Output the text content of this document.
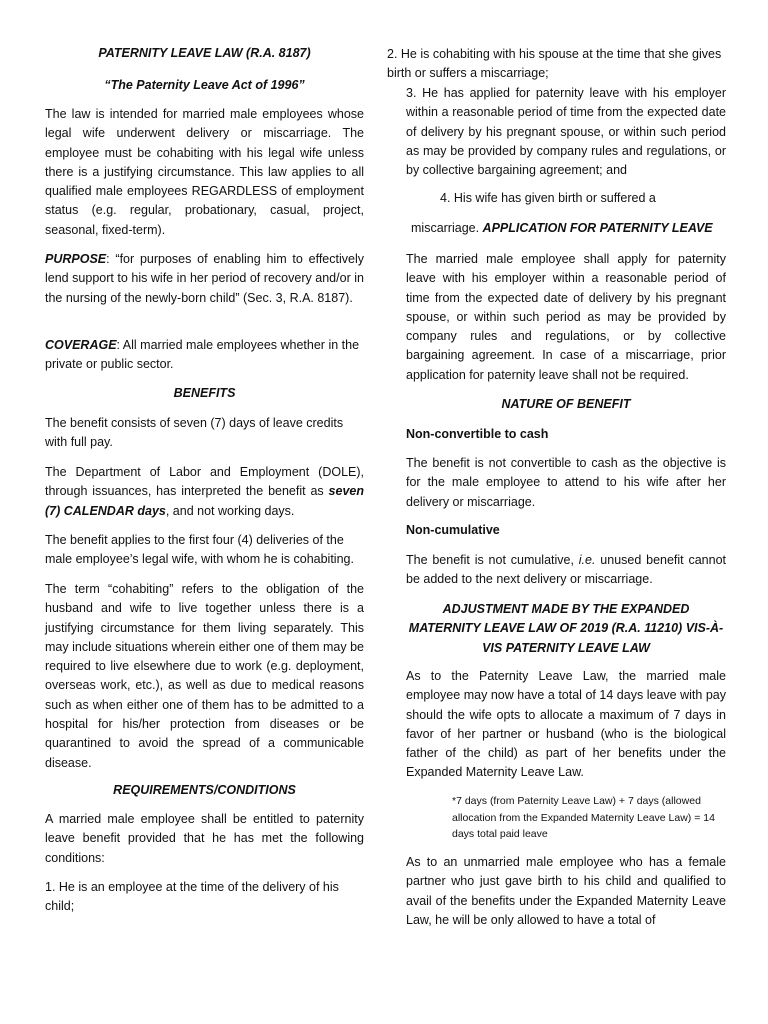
PATERNITY LEAVE LAW (R.A. 8187)

“The Paternity Leave Act of 1996”

The law is intended for married male employees whose legal wife underwent delivery or miscarriage. The employee must be cohabiting with his legal wife unless there is a justifying circumstance. This law applies to all qualified male employees REGARDLESS of employment status (e.g. regular, probationary, casual, project, seasonal, fixed-term).

PURPOSE: “for purposes of enabling him to effectively lend support to his wife in her period of recovery and/or in the nursing of the newly-born child” (Sec. 3, R.A. 8187).

COVERAGE: All married male employees whether in the private or public sector.

BENEFITS

The benefit consists of seven (7) days of leave credits with full pay.

The Department of Labor and Employment (DOLE), through issuances, has interpreted the benefit as seven (7) CALENDAR days, and not working days.

The benefit applies to the first four (4) deliveries of the male employee’s legal wife, with whom he is cohabiting.

The term “cohabiting” refers to the obligation of the husband and wife to live together unless there is a justifying circumstance for them living separately. This may include situations wherein either one of them may be required to live elsewhere due to work (e.g. deployment, overseas work, etc.), as well as due to medical reasons such as when either one of them has to be admitted to a hospital for his/her protection from diseases or be quarantined to avoid the spread of a communicable disease.

REQUIREMENTS/CONDITIONS

A married male employee shall be entitled to paternity leave benefit provided that he has met the following conditions:

1. He is an employee at the time of the delivery of his child;

2. He is cohabiting with his spouse at the time that she gives birth or suffers a miscarriage;

3. He has applied for paternity leave with his employer within a reasonable period of time from the expected date of delivery by his pregnant spouse, or within such period as may be provided by company rules and regulations, or by collective bargaining agreement; and

4. His wife has given birth or suffered a

miscarriage. APPLICATION FOR PATERNITY LEAVE

The married male employee shall apply for paternity leave with his employer within a reasonable period of time from the expected date of delivery by his pregnant spouse, or within such period as may be provided by company rules and regulations, or by collective bargaining agreement. In case of a miscarriage, prior application for paternity leave shall not be required.

NATURE OF BENEFIT

Non-convertible to cash

The benefit is not convertible to cash as the objective is for the male employee to attend to his wife after her delivery or miscarriage.

Non-cumulative

The benefit is not cumulative, i.e. unused benefit cannot be added to the next delivery or miscarriage.

ADJUSTMENT MADE BY THE EXPANDED MATERNITY LEAVE LAW OF 2019 (R.A. 11210) VIS-À-VIS PATERNITY LEAVE LAW

As to the Paternity Leave Law, the married male employee may now have a total of 14 days leave with pay should the wife opts to allocate a maximum of 7 days in favor of her partner or husband (who is the biological father of the child) as part of her benefits under the Expanded Maternity Leave Law.

*7 days (from Paternity Leave Law) + 7 days (allowed allocation from the Expanded Maternity Leave Law) = 14 days total paid leave

As to an unmarried male employee who has a female partner who just gave birth to his child and qualified to avail of the benefits under the Expanded Maternity Leave Law, he will be only allowed to have a total of
